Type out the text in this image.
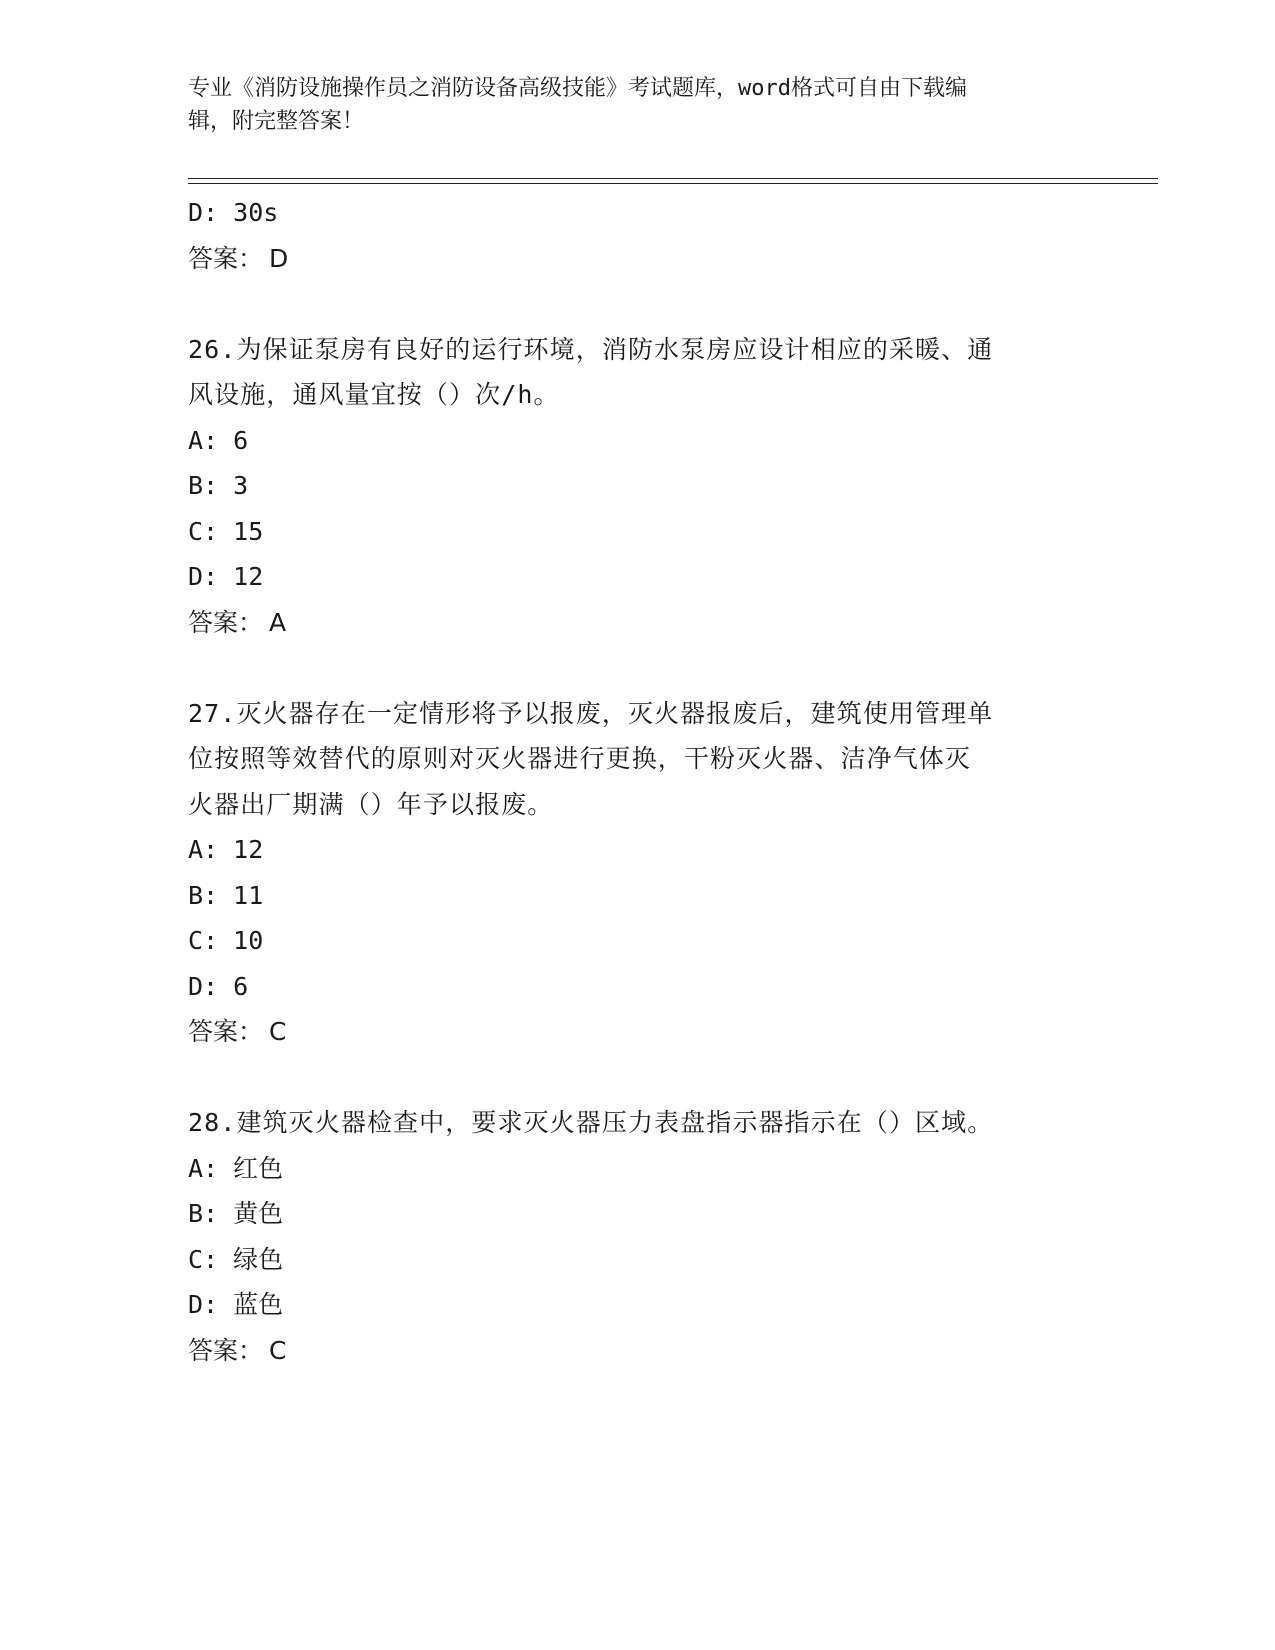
专业《消防设施操作员之消防设备高级技能》考试题库，word格式可自由下载编
辑，附完整答案！
D: 30s
答案： D
26.为保证泵房有良好的运行环境，消防水泵房应设计相应的采暖、通
风设施，通风量宜按（）次/h。
A: 6
B: 3
C: 15
D: 12
答案： A
27.灭火器存在一定情形将予以报废，灭火器报废后，建筑使用管理单
位按照等效替代的原则对灭火器进行更换，干粉灭火器、洁净气体灭
火器出厂期满（）年予以报废。
A: 12
B: 11
C: 10
D: 6
答案： C
28.建筑灭火器检查中，要求灭火器压力表盘指示器指示在（）区域。
A: 红色
B: 黄色
C: 绿色
D: 蓝色
答案： C
